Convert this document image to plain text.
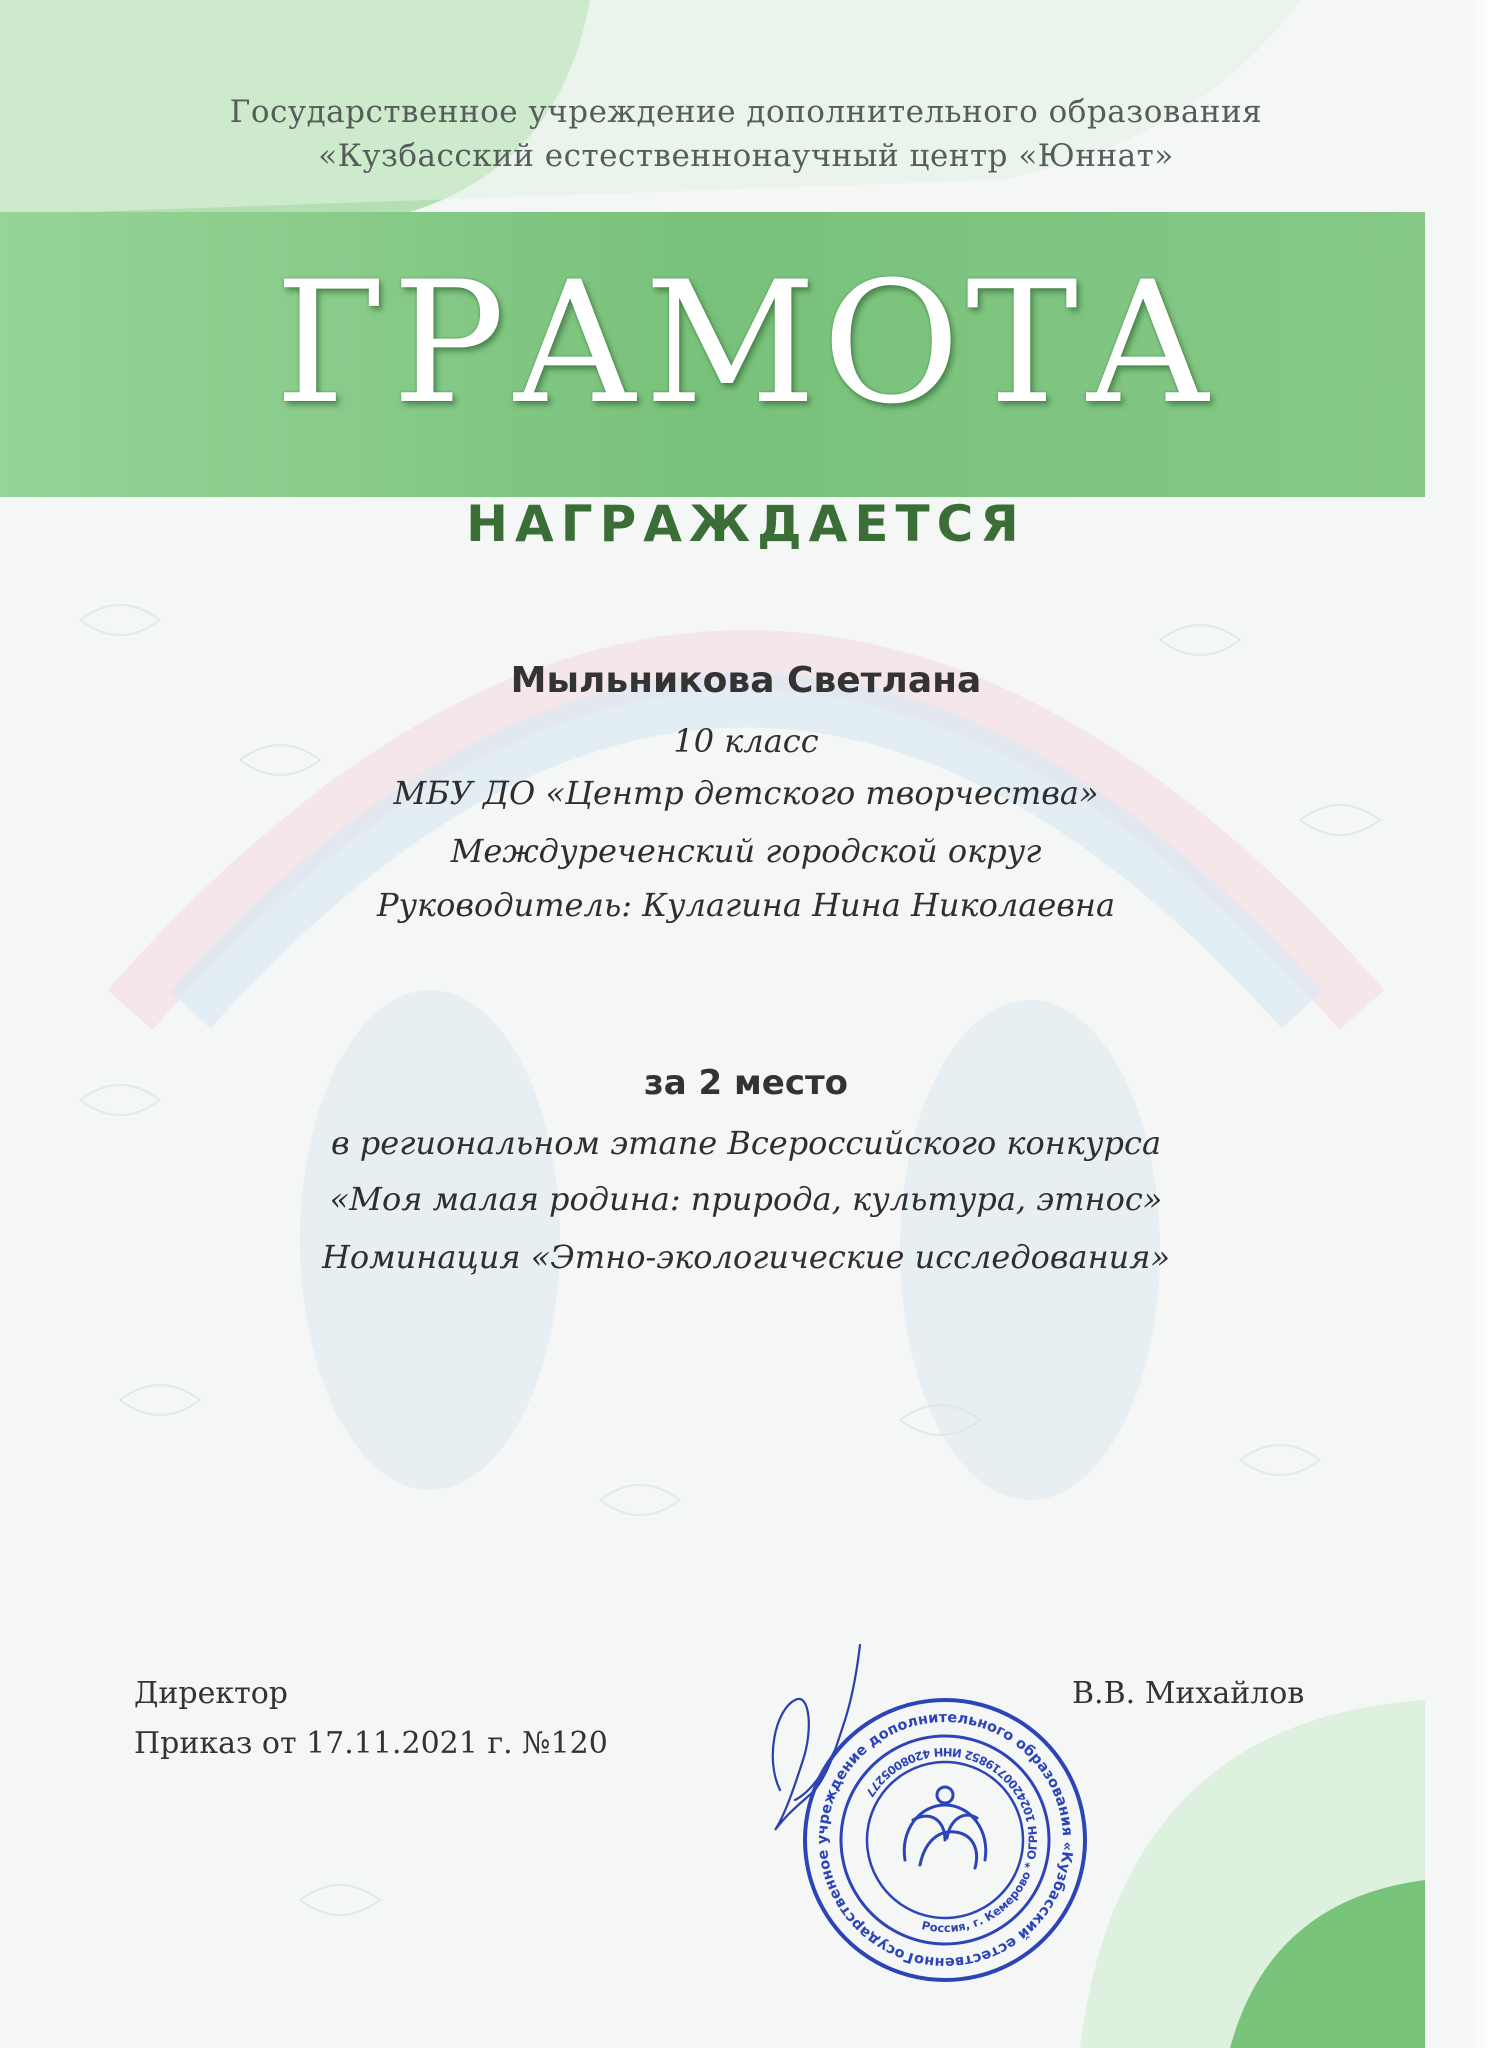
Государственное учреждение дополнительного образования
«Кузбасский естественнонаучный центр «Юннат»
ГРАМОТА
НАГРАЖДАЕТСЯ
Мыльникова Светлана
10 класс
МБУ ДО «Центр детского творчества»
Междуреченский городской округ
Руководитель: Кулагина Нина Николаевна
за 2 место
в региональном этапе Всероссийского конкурса
«Моя малая родина: природа, культура, этнос»
Номинация «Этно-экологические исследования»
Директор
Приказ от 17.11.2021 г. №120
В.В. Михайлов
Государственное учреждение дополнительного образования «Кузбасский естественнонаучный
Россия, г. Кемерово * ОГРН 1024200719852 ИНН 4208005277
